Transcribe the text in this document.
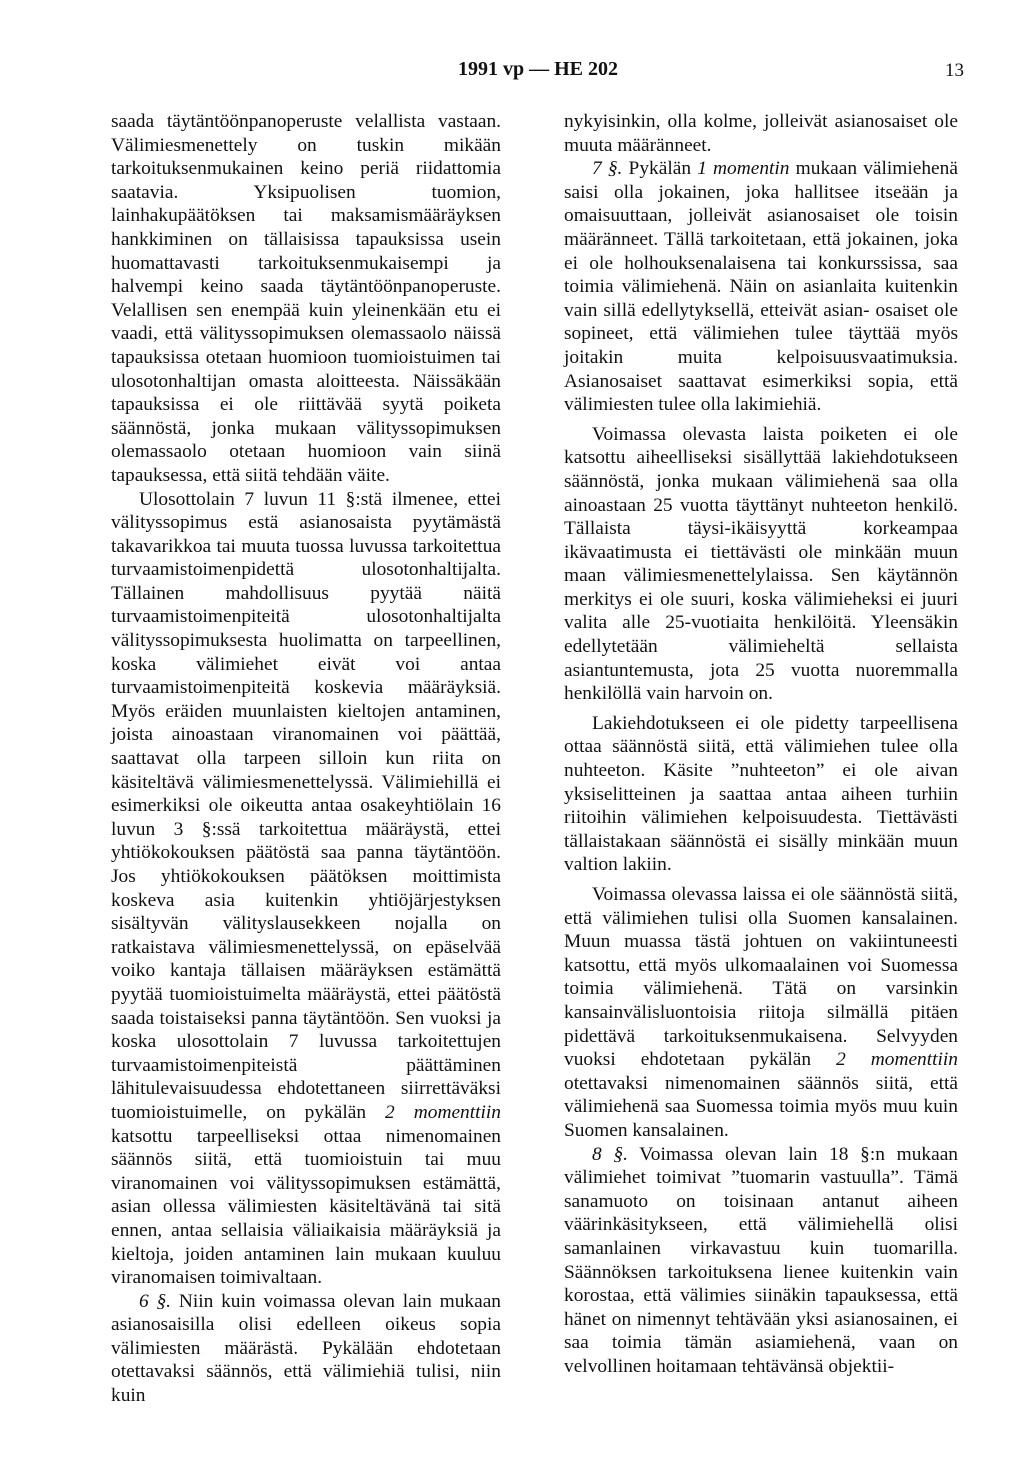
1991 vp — HE 202	13

saada täytäntöönpanoperuste velallista vastaan. Välimiesmenettely on tuskin mikään tarkoituksenmukainen keino periä riidattomia saatavia. Yksipuolisen tuomion, lainhakupäätöksen tai maksamismääräyksen hankkiminen on tällaisissa tapauksissa usein huomattavasti tarkoituksenmukaisempi ja halvempi keino saada täytäntöönpanoperuste. Velallisen sen enempää kuin yleinenkään etu ei vaadi, että välityssopimuksen olemassaolo näissä tapauksissa otetaan huomioon tuomioistuimen tai ulosotonhaltijan omasta aloitteesta. Näissäkään tapauksissa ei ole riittävää syytä poiketa säännöstä, jonka mukaan välityssopimuksen olemassaolo otetaan huomioon vain siinä tapauksessa, että siitä tehdään väite.

Ulosottolain 7 luvun 11 §:stä ilmenee, ettei välityssopimus estä asianosaista pyytämästä takavarikkoa tai muuta tuossa luvussa tarkoitettua turvaamistoimenpidettä ulosotonhaltijalta. Tällainen mahdollisuus pyytää näitä turvaamistoimenpiteitä ulosotonhaltijalta välityssopimuksesta huolimatta on tarpeellinen, koska välimiehet eivät voi antaa turvaamistoimenpiteitä koskevia määräyksiä. Myös eräiden muunlaisten kieltojen antaminen, joista ainoastaan viranomainen voi päättää, saattavat olla tarpeen silloin kun riita on käsiteltävä välimiesmenettelyssä. Välimiehillä ei esimerkiksi ole oikeutta antaa osakeyhtiölain 16 luvun 3 §:ssä tarkoitettua määräystä, ettei yhtiökokouksen päätöstä saa panna täytäntöön. Jos yhtiökokouksen päätöksen moittimista koskeva asia kuitenkin yhtiöjärjestyksen sisältyvän välityslausekkeen nojalla on ratkaistava välimiesmenettelyssä, on epäselvää voiko kantaja tällaisen määräyksen estämättä pyytää tuomioistuimelta määräystä, ettei päätöstä saada toistaiseksi panna täytäntöön. Sen vuoksi ja koska ulosottolain 7 luvussa tarkoitettujen turvaamistoimenpiteistä päättäminen lähitulevaisuudessa ehdotettaneen siirrettäväksi tuomioistuimelle, on pykälän 2 momenttiin katsottu tarpeelliseksi ottaa nimenomainen säännös siitä, että tuomioistuin tai muu viranomainen voi välityssopimuksen estämättä, asian ollessa välimiesten käsiteltävänä tai sitä ennen, antaa sellaisia väliaikaisia määräyksiä ja kieltoja, joiden antaminen lain mukaan kuuluu viranomaisen toimivaltaan.

6 §. Niin kuin voimassa olevan lain mukaan asianosaisilla olisi edelleen oikeus sopia välimiesten määrästä. Pykälään ehdotetaan otettavaksi säännös, että välimiehiä tulisi, niin kuin

nykyisinkin, olla kolme, jolleivät asianosaiset ole muuta määränneet.

7 §. Pykälän 1 momentin mukaan välimiehenä saisi olla jokainen, joka hallitsee itseään ja omaisuuttaan, jolleivät asianosaiset ole toisin määränneet. Tällä tarkoitetaan, että jokainen, joka ei ole holhouksenalaisena tai konkurssissa, saa toimia välimiehenä. Näin on asianlaita kuitenkin vain sillä edellytyksellä, etteivät asian- osaiset ole sopineet, että välimiehen tulee täyttää myös joitakin muita kelpoisuusvaatimuksia. Asianosaiset saattavat esimerkiksi sopia, että välimiesten tulee olla lakimiehiä.

Voimassa olevasta laista poiketen ei ole katsottu aiheelliseksi sisällyttää lakiehdotukseen säännöstä, jonka mukaan välimiehenä saa olla ainoastaan 25 vuotta täyttänyt nuhteeton henkilö. Tällaista täysi-ikäisyyttä korkeampaa ikävaatimusta ei tiettävästi ole minkään muun maan välimiesmenettelylaissa. Sen käytännön merkitys ei ole suuri, koska välimieheksi ei juuri valita alle 25-vuotiaita henkilöitä. Yleensäkin edellytetään välimieheltä sellaista asiantuntemusta, jota 25 vuotta nuoremmalla henkilöllä vain harvoin on.

Lakiehdotukseen ei ole pidetty tarpeellisena ottaa säännöstä siitä, että välimiehen tulee olla nuhteeton. Käsite ”nuhteeton” ei ole aivan yksiselitteinen ja saattaa antaa aiheen turhiin riitoihin välimiehen kelpoisuudesta. Tiettävästi tällaistakaan säännöstä ei sisälly minkään muun valtion lakiin.

Voimassa olevassa laissa ei ole säännöstä siitä, että välimiehen tulisi olla Suomen kansalainen. Muun muassa tästä johtuen on vakiintuneesti katsottu, että myös ulkomaalainen voi Suomessa toimia välimiehenä. Tätä on varsinkin kansainvälisluontoisia riitoja silmällä pitäen pidettävä tarkoituksenmukaisena. Selvyyden vuoksi ehdotetaan pykälän 2 momenttiin otettavaksi nimenomainen säännös siitä, että välimiehenä saa Suomessa toimia myös muu kuin Suomen kansalainen.

8 §. Voimassa olevan lain 18 §:n mukaan välimiehet toimivat ”tuomarin vastuulla”. Tämä sanamuoto on toisinaan antanut aiheen väärinkäsitykseen, että välimiehellä olisi samanlainen virkavastuu kuin tuomarilla. Säännöksen tarkoituksena lienee kuitenkin vain korostaa, että välimies siinäkin tapauksessa, että hänet on nimennyt tehtävään yksi asianosainen, ei saa toimia tämän asiamiehenä, vaan on velvollinen hoitamaan tehtävänsä objektii-
